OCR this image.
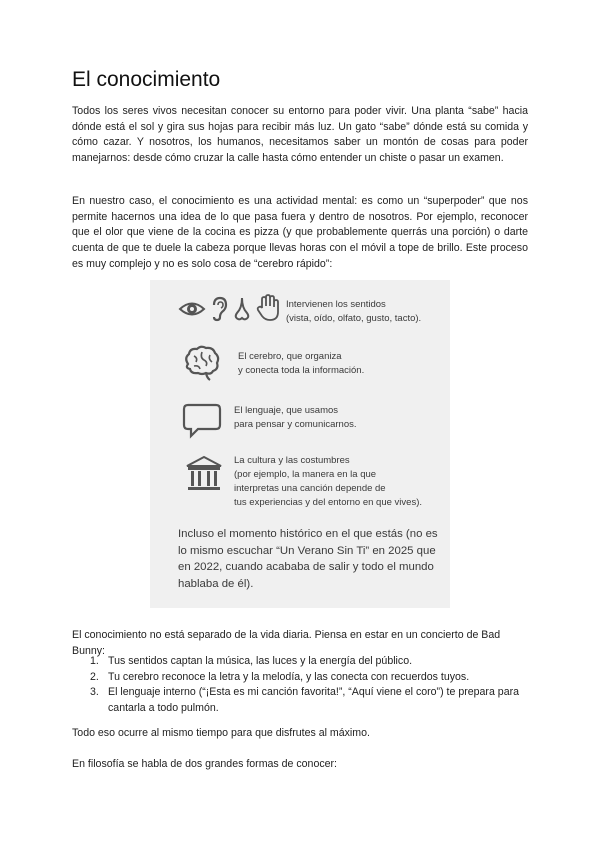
El conocimiento

Todos los seres vivos necesitan conocer su entorno para poder vivir. Una planta “sabe” hacia dónde está el sol y gira sus hojas para recibir más luz. Un gato “sabe” dónde está su comida y cómo cazar. Y nosotros, los humanos, necesitamos saber un montón de cosas para poder manejarnos: desde cómo cruzar la calle hasta cómo entender un chiste o pasar un examen.

En nuestro caso, el conocimiento es una actividad mental: es como un “superpoder” que nos permite hacernos una idea de lo que pasa fuera y dentro de nosotros. Por ejemplo, reconocer que el olor que viene de la cocina es pizza (y que probablemente querrás una porción) o darte cuenta de que te duele la cabeza porque llevas horas con el móvil a tope de brillo. Este proceso es muy complejo y no es solo cosa de “cerebro rápido”:

Intervienen los sentidos
(vista, oído, olfato, gusto, tacto).
El cerebro, que organiza
y conecta toda la información.
El lenguaje, que usamos
para pensar y comunicarnos.
La cultura y las costumbres
(por ejemplo, la manera en la que
interpretas una canción depende de
tus experiencias y del entorno en que vives).
Incluso el momento histórico en el que estás (no es lo mismo escuchar “Un Verano Sin Ti” en 2025 que en 2022, cuando acababa de salir y todo el mundo hablaba de él).

El conocimiento no está separado de la vida diaria. Piensa en estar en un concierto de Bad Bunny:

1. Tus sentidos captan la música, las luces y la energía del público.
2. Tu cerebro reconoce la letra y la melodía, y las conecta con recuerdos tuyos.
3. El lenguaje interno (“¡Esta es mi canción favorita!”, “Aquí viene el coro”) te prepara para cantarla a todo pulmón.

Todo eso ocurre al mismo tiempo para que disfrutes al máximo.

En filosofía se habla de dos grandes formas de conocer:
